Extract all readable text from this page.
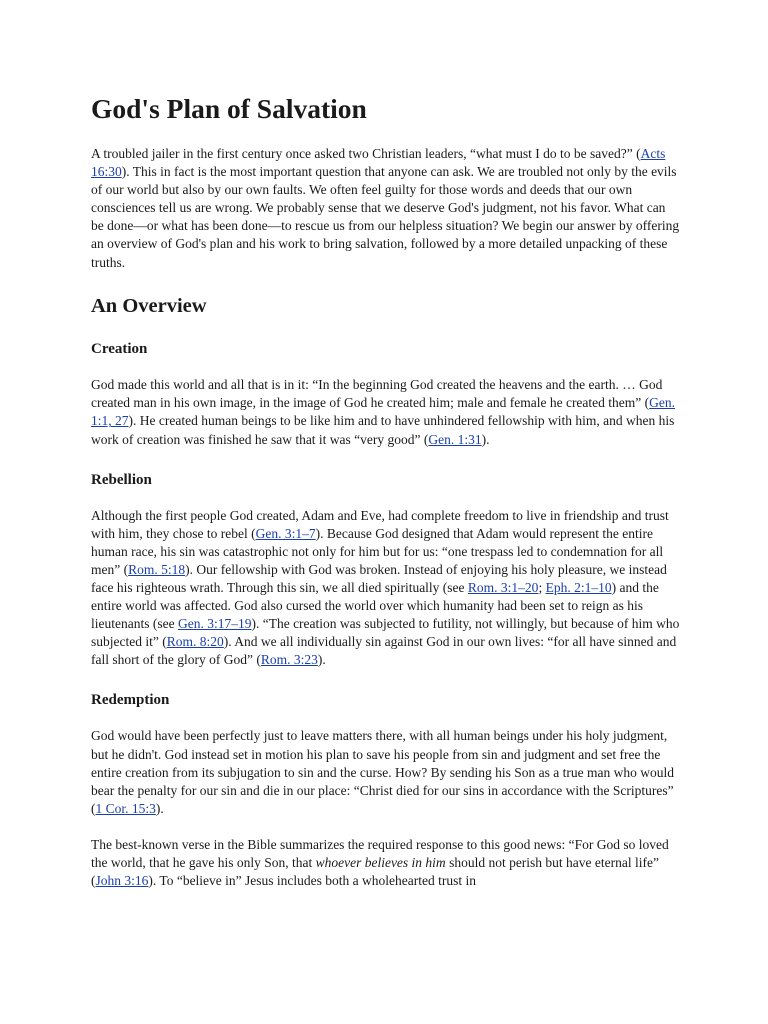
God's Plan of Salvation

A troubled jailer in the first century once asked two Christian leaders, “what must I do to be saved?” (Acts 16:30). This in fact is the most important question that anyone can ask. We are troubled not only by the evils of our world but also by our own faults. We often feel guilty for those words and deeds that our own consciences tell us are wrong. We probably sense that we deserve God's judgment, not his favor. What can be done—or what has been done—to rescue us from our helpless situation? We begin our answer by offering an overview of God's plan and his work to bring salvation, followed by a more detailed unpacking of these truths.

An Overview
Creation

God made this world and all that is in it: “In the beginning God created the heavens and the earth. … God created man in his own image, in the image of God he created him; male and female he created them” (Gen. 1:1, 27). He created human beings to be like him and to have unhindered fellowship with him, and when his work of creation was finished he saw that it was “very good” (Gen. 1:31).

Rebellion

Although the first people God created, Adam and Eve, had complete freedom to live in friendship and trust with him, they chose to rebel (Gen. 3:1–7). Because God designed that Adam would represent the entire human race, his sin was catastrophic not only for him but for us: “one trespass led to condemnation for all men” (Rom. 5:18). Our fellowship with God was broken. Instead of enjoying his holy pleasure, we instead face his righteous wrath. Through this sin, we all died spiritually (see Rom. 3:1–20; Eph. 2:1–10) and the entire world was affected. God also cursed the world over which humanity had been set to reign as his lieutenants (see Gen. 3:17–19). “The creation was subjected to futility, not willingly, but because of him who subjected it” (Rom. 8:20). And we all individually sin against God in our own lives: “for all have sinned and fall short of the glory of God” (Rom. 3:23).

Redemption

God would have been perfectly just to leave matters there, with all human beings under his holy judgment, but he didn't. God instead set in motion his plan to save his people from sin and judgment and set free the entire creation from its subjugation to sin and the curse. How? By sending his Son as a true man who would bear the penalty for our sin and die in our place: “Christ died for our sins in accordance with the Scriptures” (1 Cor. 15:3).

The best-known verse in the Bible summarizes the required response to this good news: “For God so loved the world, that he gave his only Son, that whoever believes in him should not perish but have eternal life” (John 3:16). To “believe in” Jesus includes both a wholehearted trust in
